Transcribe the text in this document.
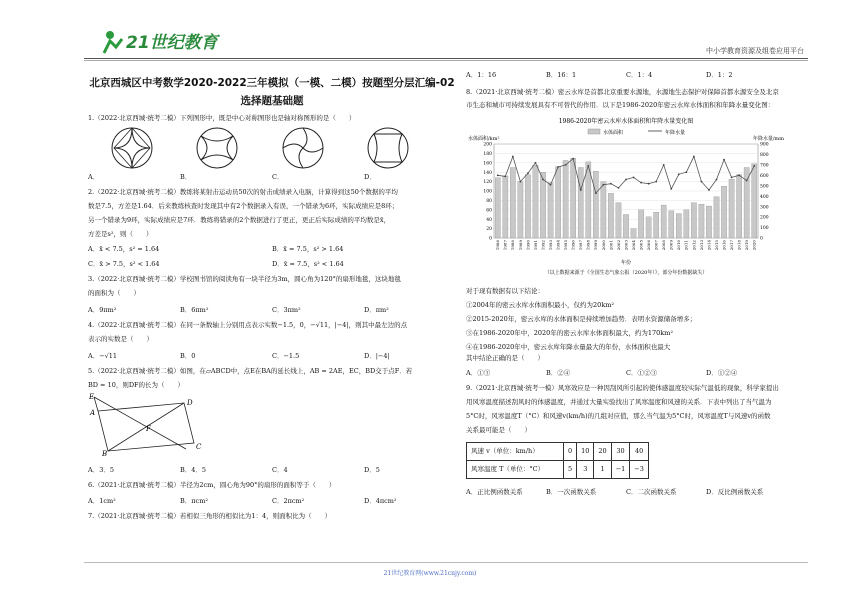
21世纪教育	中小学教育资源及组卷应用平台
北京西城区中考数学2020-2022三年模拟（一模、二模）按题型分层汇编-02
选择题基础题

1.（2022·北京西城·统考二模）下列图形中，既是中心对称图形也是轴对称图形的是（　　）

A．	B．	C．	D．

2.（2022·北京西城·统考二模）教练将某射击运动员50次的射击成绩录入电脑，计算得到这50个数据的平均

数是7.5，方差是1.64．后来教练核查时发现其中有2个数据录入有误，一个错录为6环，实际成绩应是8环；

另一个错录为9环，实际成绩应是7环．教练将错录的2个数据进行了更正，更正后实际成绩的平均数是x̄，

方差是s²，则（　　）

A．x̄ < 7.5，s² = 1.64	B．x̄ = 7.5，s² > 1.64
C．x̄ > 7.5，s² < 1.64	D．x̄ = 7.5，s² < 1.64

3.（2022·北京西城·统考二模）学校图书馆的阅读角有一块半径为3m，圆心角为120°的扇形地毯，这块地毯

的面积为（　　）

A．9πm²	B．6πm²	C．3πm²	D．πm²

4.（2022·北京西城·统考二模）在同一条数轴上分别用点表示实数−1.5，0，−√11，|−4|，则其中最左边的点

表示的实数是（　　）

A．−√11	B．0	C．−1.5	D．|−4|

5.（2022·北京西城·统考二模）如图，在▱ABCD中，点E在BA的延长线上，AB = 2AE，EC，BD交于点F．若

BD = 10，则DF的长为（　　）

E
A
D
F
B
C
A．3．5	B．4．5	C．4	D．5

6.（2021·北京西城·统考二模）半径为2cm，圆心角为90°的扇形的面积等于（　　）

A．1cm²	B．πcm²	C．2πcm²	D．4πcm²

7.（2021·北京西城·统考二模）若相似三角形的相似比为1：4，则面积比为（　　）

A．1：16	B．16：1	C．1：4	D．1：2

8.（2021·北京西城·统考二模）密云水库是首都北京重要水源地，水源地生态保护对保障首都水源安全及北京

市生态和城市可持续发展具有不可替代的作用．以下是1986-2020年密云水库水体面积和年降水量变化图：

1986-2020年密云水库水体面积和年降水量变化图
水体面积/km²	年降水量/mm
水体面积	年降水量
200
180
160
140
120
100
80
60
40
20
0
900
800
700
600
500
400
300
200
100
0
1986 1987 1988 1989 1990 1991 1992 1993 1994 1995 1996 1997 1998 1999 2000 2001 2002 2003 2004 2005 2006 2007 2008 2009 2010 2011 2012 2013 2014 2015 2016 2017 2018 2019 2020
年份
（以上数据来源于《全国生态气象公报（2020年）》，部分年份数据缺失）

对于现有数据有以下结论：

①2004年的密云水库水体面积最小，仅约为20km²

②2015-2020年，密云水库的水体面积是持续增加趋势．表明水资源储备增多；

③在1986-2020年中，2020年的密云水库水体面积最大，约为170km²

④在1986-2020年中，密云水库年降水量最大的年份，水体面积也最大

其中结论正确的是（　　）

A．①③	B．②④	C．①②③	D．①②④

9.（2021·北京西城·统考一模）风寒效应是一种因刮风所引起的使体感温度较实际气温低的现象，科学家提出

用风寒温度描述刮风时的体感温度，并通过大量实验找出了风寒温度和风速的关系．下表中列出了当气温为

5°C时，风寒温度T（°C）和风速v(km/h)的几组对应值，那么当气温为5°C时，风寒温度T与风速v的函数

关系最可能是（　　）

风速 v（单位：km/h）	0	10	20	30	40
风寒温度 T（单位：°C）	5	3	1	−1	−3
A．正比例函数关系	B．一次函数关系	C．二次函数关系	D．反比例函数关系
21世纪教育网(www.21cnjy.com)
